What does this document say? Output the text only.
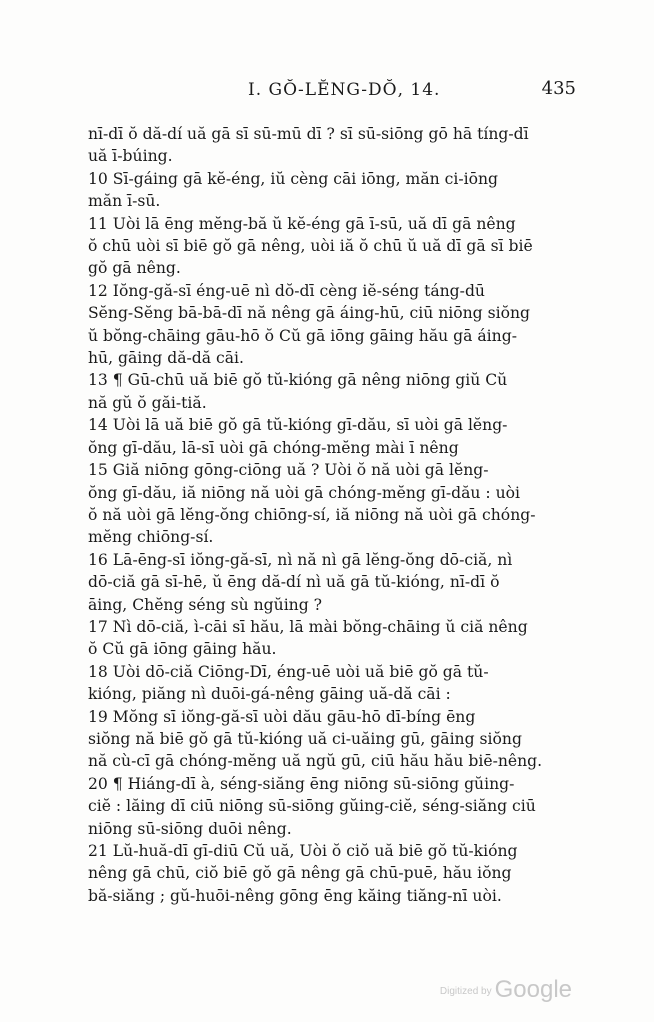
I. GŎ-LĔNG-DŎ, 14.	435
nī-dī ŏ dă-dí uă gā sī sū-mū dī ? sī sū-siōng gō hā tíng-dī
uă ī-búing.
10 Sī-gáing gā kĕ-éng, iŭ cèng cāi iōng, măn ci-iōng
măn ī-sū.
11 Uòi lā ēng mĕng-bă ŭ kĕ-éng gā ī-sū, uă dī gā nêng
ŏ chū uòi sī biē gŏ gā nêng, uòi iă ŏ chū ŭ uă dī gā sī biē
gŏ gā nêng.
12 Iŏng-gă-sī éng-uē nì dŏ-dī cèng iĕ-séng táng-dū
Sĕng-Sĕng bā-bā-dī nă nêng gā áing-hū, ciū niōng siŏng
ŭ bŏng-chāing gāu-hō ŏ Cŭ gā iōng gāing hău gā áing-
hū, gāing dă-dă cāi.
13 ¶ Gū-chū uă biē gŏ tŭ-kióng gā nêng niōng giŭ Cŭ
nă gŭ ŏ găi-tiă.
14 Uòi lā uă biē gŏ gā tŭ-kióng gī-dău, sī uòi gā lĕng-
ŏng gī-dău, lā-sī uòi gā chóng-mĕng mài ī nêng
15 Giă niōng gōng-ciōng uă ? Uòi ŏ nă uòi gā lĕng-
ŏng gī-dău, iă niōng nă uòi gā chóng-mĕng gī-dău : uòi
ŏ nă uòi gā lĕng-ŏng chiōng-sí, iă niōng nă uòi gā chóng-
mĕng chiōng-sí.
16 Lā-ēng-sī iŏng-gă-sī, nì nă nì gā lĕng-ŏng dō-ciă, nì
dō-ciă gā sī-hē, ŭ ēng dă-dí nì uă gā tŭ-kióng, nī-dī ŏ
āing, Chĕng séng sù ngŭing ?
17 Nì dō-ciă, ì-cāi sī hău, lā mài bŏng-chāing ŭ ciă nêng
ŏ Cŭ gā iōng gāing hău.
18 Uòi dō-ciă Ciōng-Dī, éng-uē uòi uă biē gŏ gā tŭ-
kióng, piăng nì duōi-gá-nêng gāing uă-dă cāi :
19 Mŏng sī iŏng-gă-sī uòi dău gāu-hō dī-bíng ēng
siŏng nă biē gŏ gā tŭ-kióng uă ci-uăing gū, gāing siŏng
nă cù-cī gā chóng-mĕng uă ngŭ gū, ciū hău hău biē-nêng.
20 ¶ Hiáng-dī à, séng-siăng ēng niōng sū-siōng gŭing-
ciĕ : lăing dī ciū niōng sū-siōng gŭing-ciĕ, séng-siăng ciū
niōng sū-siōng duōi nêng.
21 Lŭ-huă-dī gī-diū Cŭ uă, Uòi ŏ ciŏ uă biē gŏ tŭ-kióng
nêng gā chū, ciŏ biē gŏ gā nêng gā chū-puē, hău iŏng
bă-siăng ; gŭ-huōi-nêng gōng ēng kăing tiăng-nī uòi.
Digitized by Google
